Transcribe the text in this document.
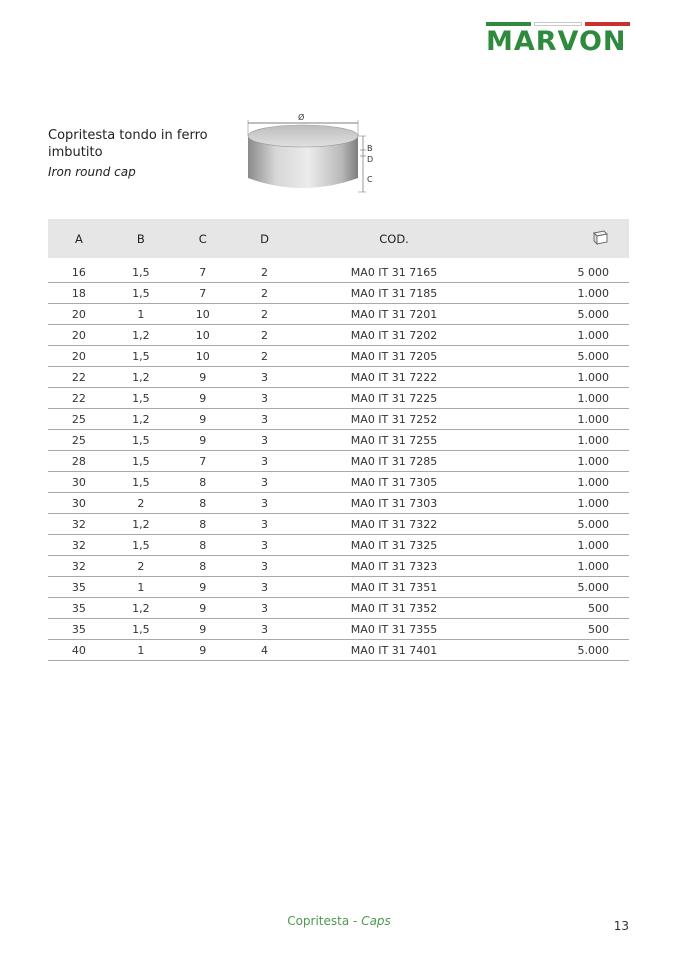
MARVON
Copritesta tondo in ferro imbutito
Iron round cap
Ø
B
D
C
A	B	C	D	COD.	

16	1,5	7	2	MA0 IT 31 7165	5 000
18	1,5	7	2	MA0 IT 31 7185	1.000
20	1	10	2	MA0 IT 31 7201	5.000
20	1,2	10	2	MA0 IT 31 7202	1.000
20	1,5	10	2	MA0 IT 31 7205	5.000
22	1,2	9	3	MA0 IT 31 7222	1.000
22	1,5	9	3	MA0 IT 31 7225	1.000
25	1,2	9	3	MA0 IT 31 7252	1.000
25	1,5	9	3	MA0 IT 31 7255	1.000
28	1,5	7	3	MA0 IT 31 7285	1.000
30	1,5	8	3	MA0 IT 31 7305	1.000
30	2	8	3	MA0 IT 31 7303	1.000
32	1,2	8	3	MA0 IT 31 7322	5.000
32	1,5	8	3	MA0 IT 31 7325	1.000
32	2	8	3	MA0 IT 31 7323	1.000
35	1	9	3	MA0 IT 31 7351	5.000
35	1,2	9	3	MA0 IT 31 7352	500
35	1,5	9	3	MA0 IT 31 7355	500
40	1	9	4	MA0 IT 31 7401	5.000
Copritesta - Caps	13
